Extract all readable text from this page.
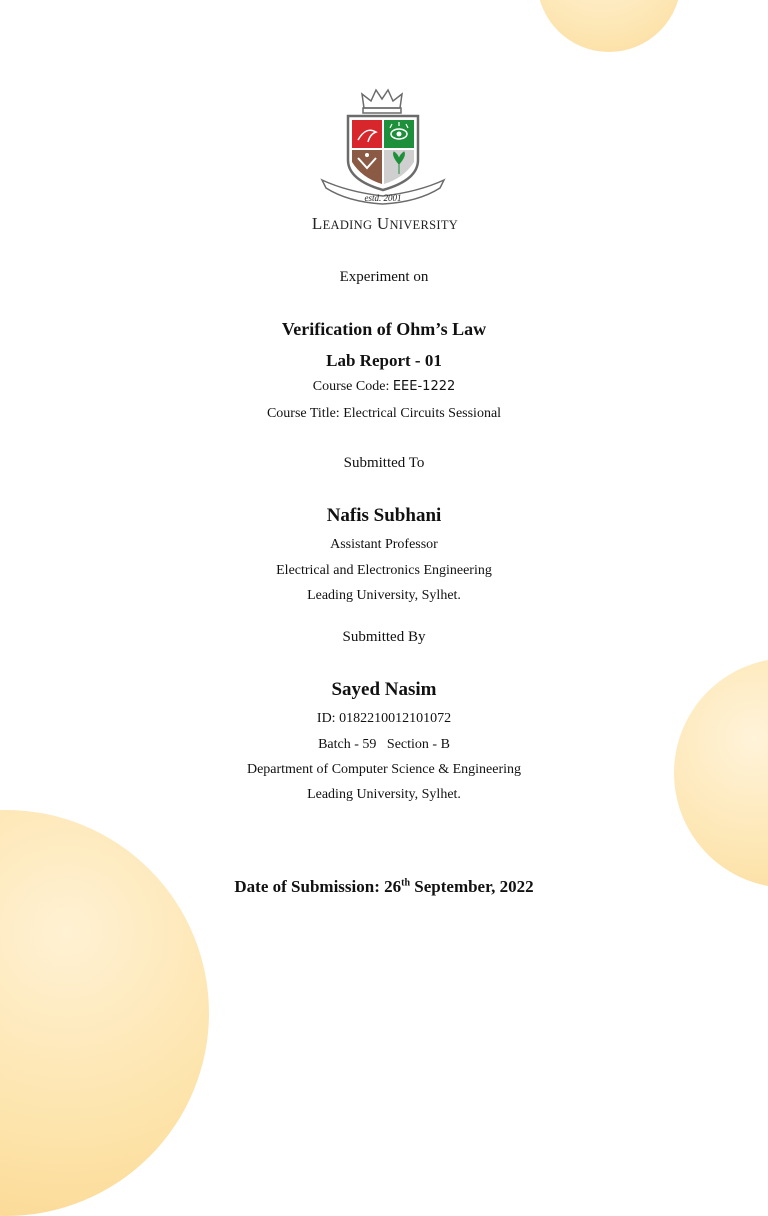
estd. 2001
LEADING UNIVERSITY
Experiment on
Verification of Ohm’s Law
Lab Report - 01
Course Code: EEE-1222
Course Title: Electrical Circuits Sessional
Submitted To
Nafis Subhani
Assistant Professor
Electrical and Electronics Engineering
Leading University, Sylhet.
Submitted By
Sayed Nasim
ID: 0182210012101072
Batch - 59   Section - B
Department of Computer Science & Engineering
Leading University, Sylhet.
Date of Submission: 26th September, 2022
